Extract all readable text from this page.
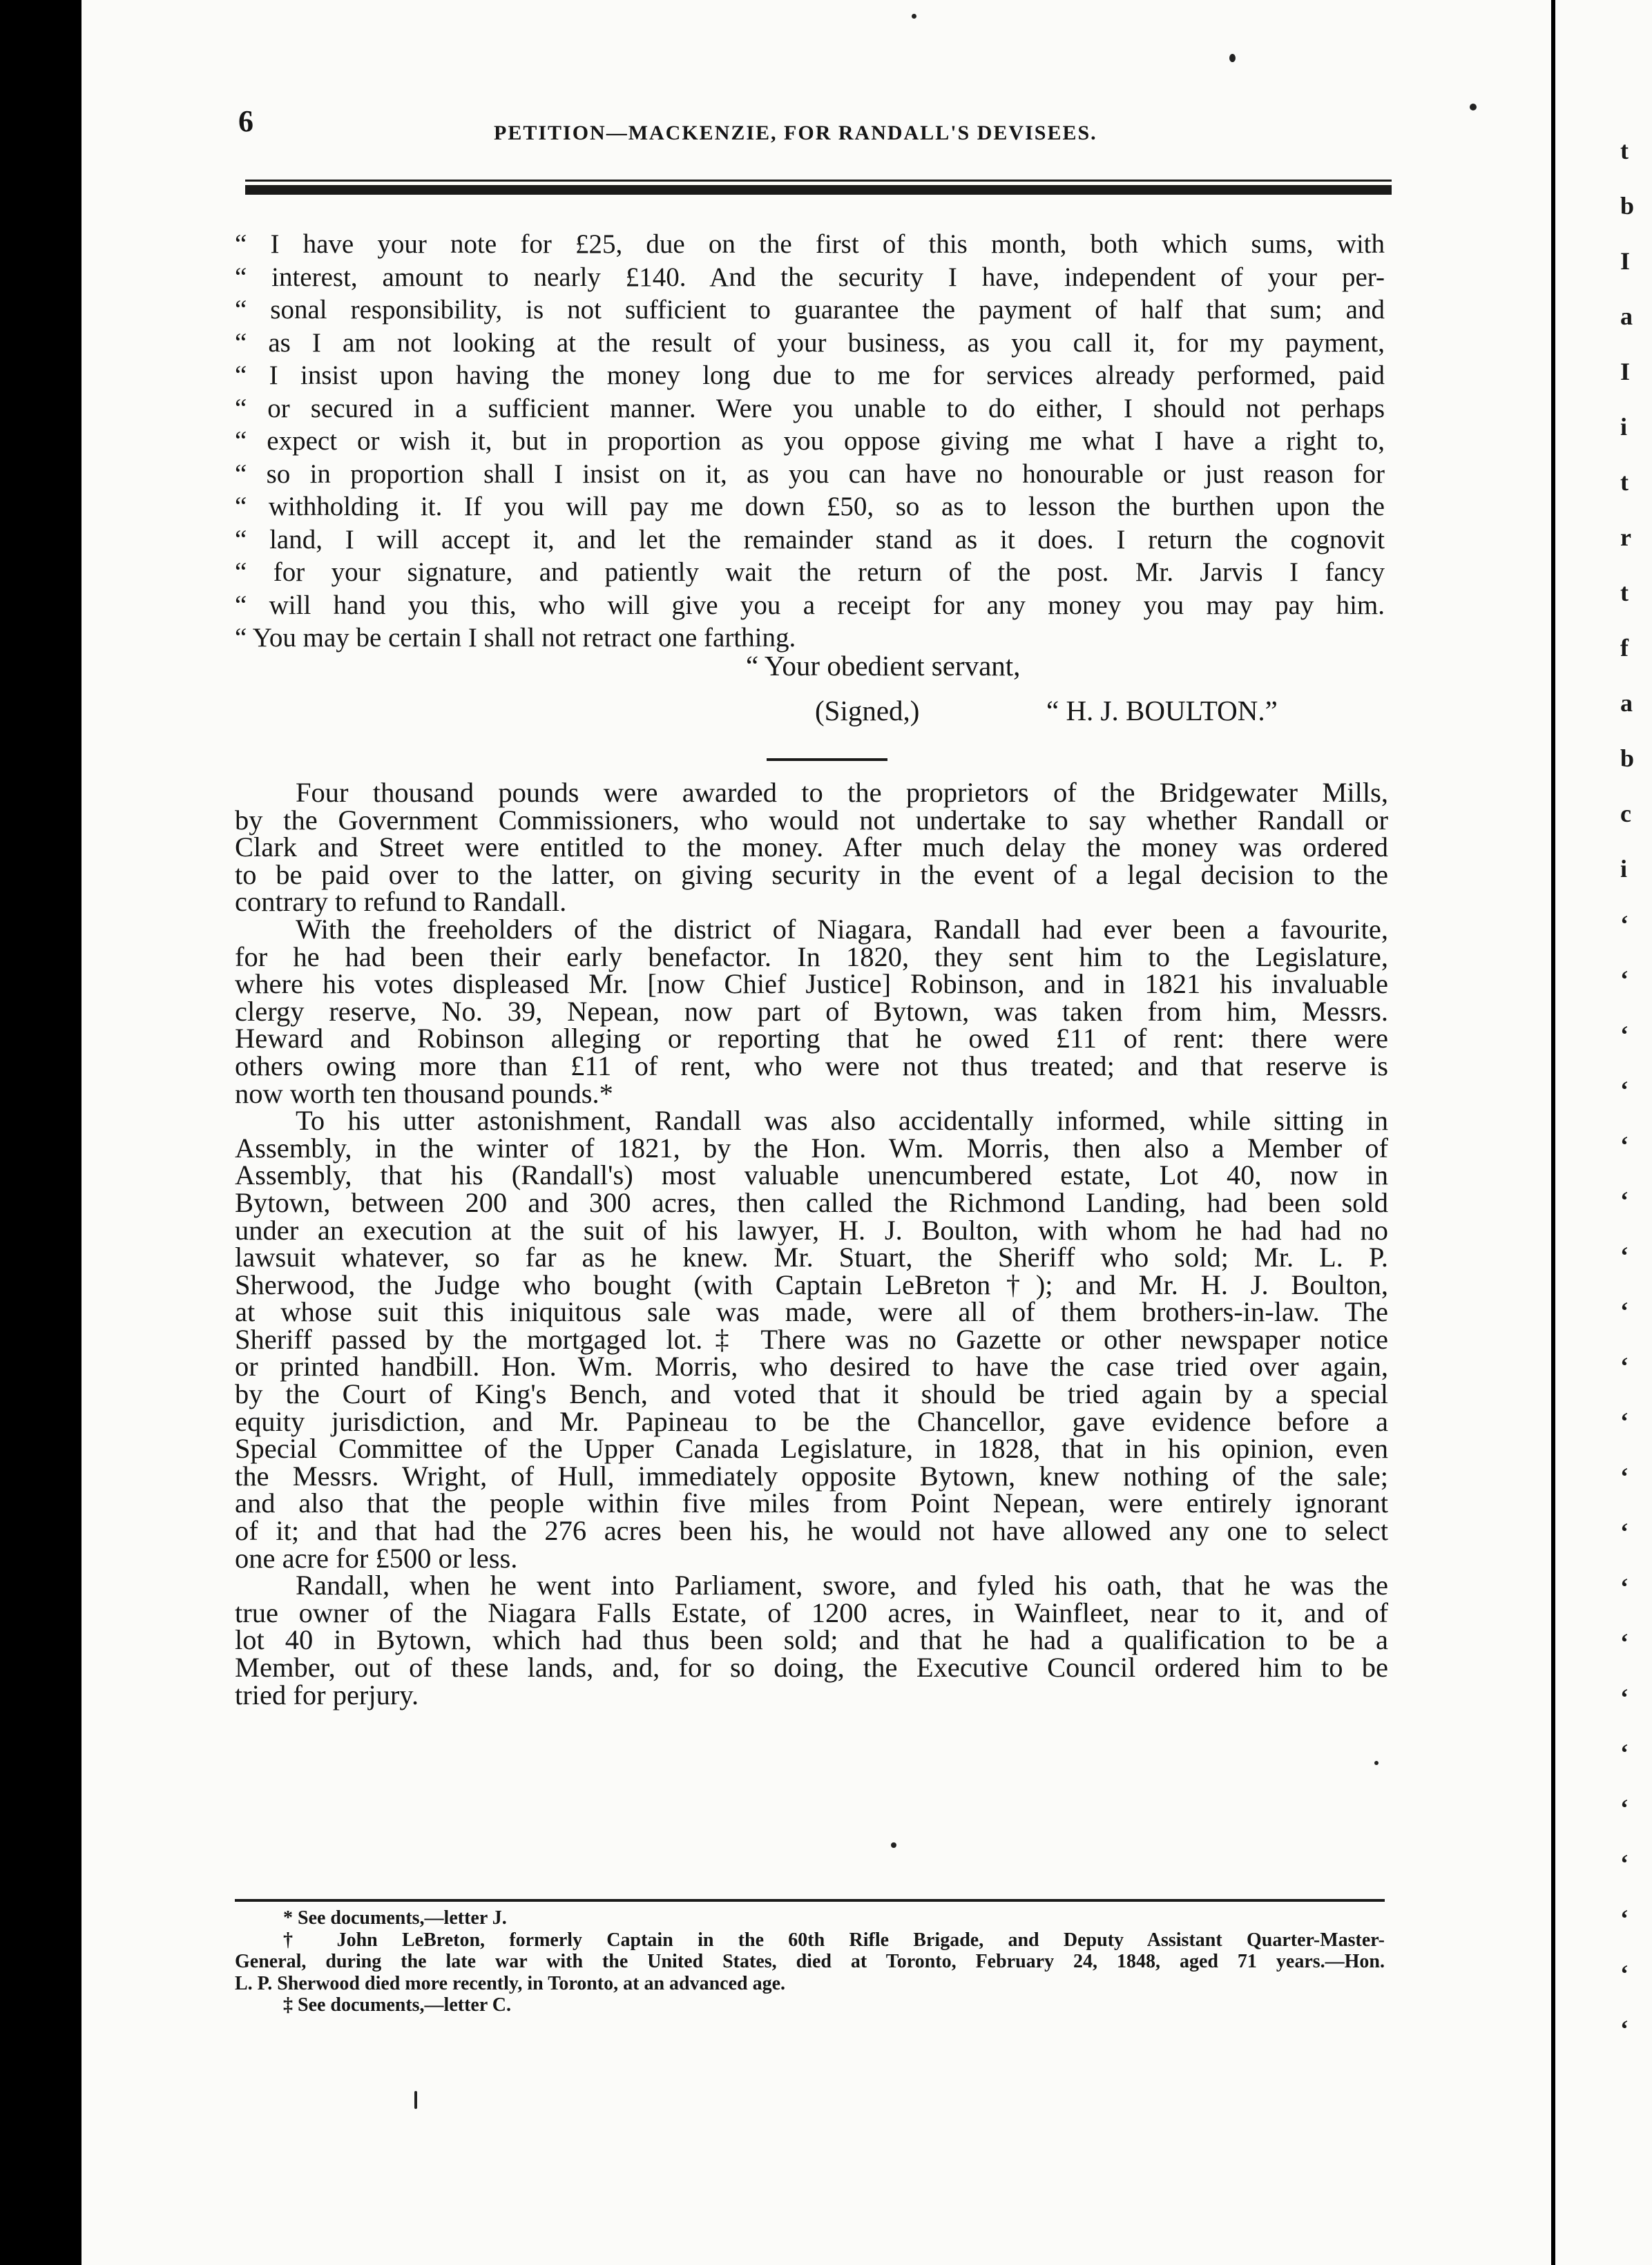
t
b
I
a
I
i
t
r
t
f
a
b
c
i
‘
‘
‘
‘
‘
‘
‘
‘
‘
‘
‘
‘
‘
‘
‘
‘
‘
‘
‘
‘
‘
6	PETITION—MACKENZIE, FOR RANDALL'S DEVISEES.
“ I have your note for £25, due on the first of this month, both which sums, with
“ interest, amount to nearly £140. And the security I have, independent of your per-
“ sonal responsibility, is not sufficient to guarantee the payment of half that sum; and
“ as I am not looking at the result of your business, as you call it, for my payment,
“ I insist upon having the money long due to me for services already performed, paid
“ or secured in a sufficient manner. Were you unable to do either, I should not perhaps
“ expect or wish it, but in proportion as you oppose giving me what I have a right to,
“ so in proportion shall I insist on it, as you can have no honourable or just reason for
“ withholding it. If you will pay me down £50, so as to lesson the burthen upon the
“ land, I will accept it, and let the remainder stand as it does. I return the cognovit
“ for your signature, and patiently wait the return of the post. Mr. Jarvis I fancy
“ will hand you this, who will give you a receipt for any money you may pay him.
“ You may be certain I shall not retract one farthing.
“ Your obedient servant,
(Signed,)	“ H. J. BOULTON.”
Four thousand pounds were awarded to the proprietors of the Bridgewater Mills,
by the Government Commissioners, who would not undertake to say whether Randall or
Clark and Street were entitled to the money. After much delay the money was ordered
to be paid over to the latter, on giving security in the event of a legal decision to the
contrary to refund to Randall.
With the freeholders of the district of Niagara, Randall had ever been a favourite,
for he had been their early benefactor. In 1820, they sent him to the Legislature,
where his votes displeased Mr. [now Chief Justice] Robinson, and in 1821 his invaluable
clergy reserve, No. 39, Nepean, now part of Bytown, was taken from him, Messrs.
Heward and Robinson alleging or reporting that he owed £11 of rent: there were
others owing more than £11 of rent, who were not thus treated; and that reserve is
now worth ten thousand pounds.*
To his utter astonishment, Randall was also accidentally informed, while sitting in
Assembly, in the winter of 1821, by the Hon. Wm. Morris, then also a Member of
Assembly, that his (Randall's) most valuable unencumbered estate, Lot 40, now in
Bytown, between 200 and 300 acres, then called the Richmond Landing, had been sold
under an execution at the suit of his lawyer, H. J. Boulton, with whom he had had no
lawsuit whatever, so far as he knew. Mr. Stuart, the Sheriff who sold; Mr. L. P.
Sherwood, the Judge who bought (with Captain LeBreton†); and Mr. H. J. Boulton,
at whose suit this iniquitous sale was made, were all of them brothers-in-law. The
Sheriff passed by the mortgaged lot.‡ There was no Gazette or other newspaper notice
or printed handbill. Hon. Wm. Morris, who desired to have the case tried over again,
by the Court of King's Bench, and voted that it should be tried again by a special
equity jurisdiction, and Mr. Papineau to be the Chancellor, gave evidence before a
Special Committee of the Upper Canada Legislature, in 1828, that in his opinion, even
the Messrs. Wright, of Hull, immediately opposite Bytown, knew nothing of the sale;
and also that the people within five miles from Point Nepean, were entirely ignorant
of it; and that had the 276 acres been his, he would not have allowed any one to select
one acre for £500 or less.
Randall, when he went into Parliament, swore, and fyled his oath, that he was the
true owner of the Niagara Falls Estate, of 1200 acres, in Wainfleet, near to it, and of
lot 40 in Bytown, which had thus been sold; and that he had a qualification to be a
Member, out of these lands, and, for so doing, the Executive Council ordered him to be
tried for perjury.
* See documents,—letter J.
† John LeBreton, formerly Captain in the 60th Rifle Brigade, and Deputy Assistant Quarter-Master-
General, during the late war with the United States, died at Toronto, February 24, 1848, aged 71 years.—Hon.
L. P. Sherwood died more recently, in Toronto, at an advanced age.
‡ See documents,—letter C.
